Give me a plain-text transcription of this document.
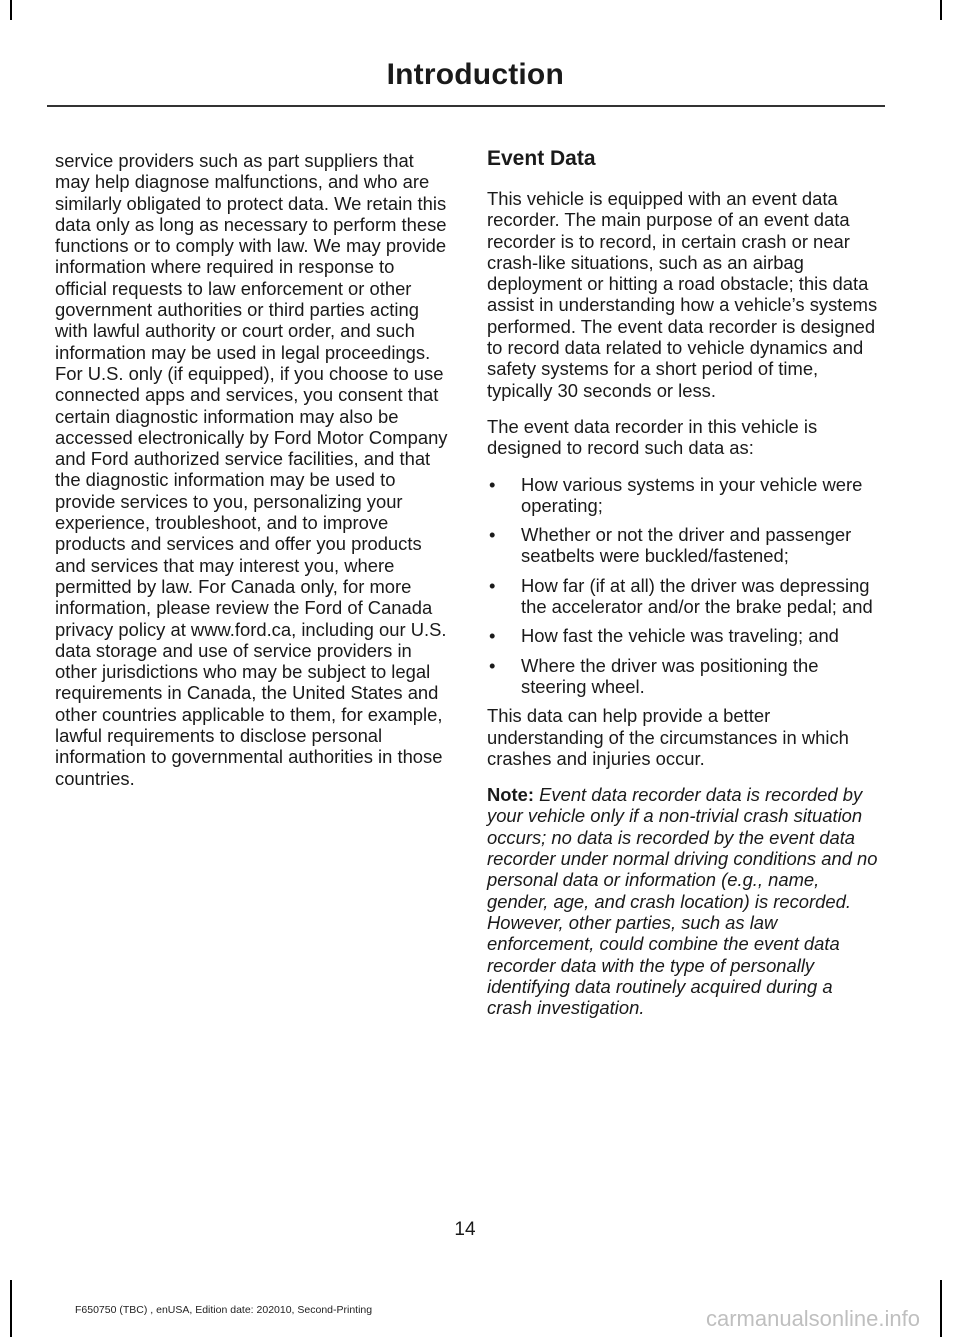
Introduction

service providers such as part suppliers that may help diagnose malfunctions, and who are similarly obligated to protect data. We retain this data only as long as necessary to perform these functions or to comply with law. We may provide information where required in response to official requests to law enforcement or other government authorities or third parties acting with lawful authority or court order, and such information may be used in legal proceedings. For U.S. only (if equipped), if you choose to use connected apps and services, you consent that certain diagnostic information may also be accessed electronically by Ford Motor Company and Ford authorized service facilities, and that the diagnostic information may be used to provide services to you, personalizing your experience, troubleshoot, and to improve products and services and offer you products and services that may interest you, where permitted by law. For Canada only, for more information, please review the Ford of Canada privacy policy at www.ford.ca, including our U.S. data storage and use of service providers in other jurisdictions who may be subject to legal requirements in Canada, the United States and other countries applicable to them, for example, lawful requirements to disclose personal information to governmental authorities in those countries.

Event Data

This vehicle is equipped with an event data recorder. The main purpose of an event data recorder is to record, in certain crash or near crash-like situations, such as an airbag deployment or hitting a road obstacle; this data assist in understanding how a vehicle’s systems performed. The event data recorder is designed to record data related to vehicle dynamics and safety systems for a short period of time, typically 30 seconds or less.

The event data recorder in this vehicle is designed to record such data as:

• How various systems in your vehicle were operating;
• Whether or not the driver and passenger seatbelts were buckled/fastened;
• How far (if at all) the driver was depressing the accelerator and/or the brake pedal; and
• How fast the vehicle was traveling; and
• Where the driver was positioning the steering wheel.

This data can help provide a better understanding of the circumstances in which crashes and injuries occur.

Note: Event data recorder data is recorded by your vehicle only if a non-trivial crash situation occurs; no data is recorded by the event data recorder under normal driving conditions and no personal data or information (e.g., name, gender, age, and crash location) is recorded. However, other parties, such as law enforcement, could combine the event data recorder data with the type of personally identifying data routinely acquired during a crash investigation.

14
F650750 (TBC) , enUSA, Edition date: 202010, Second-Printing	carmanualsonline.info
